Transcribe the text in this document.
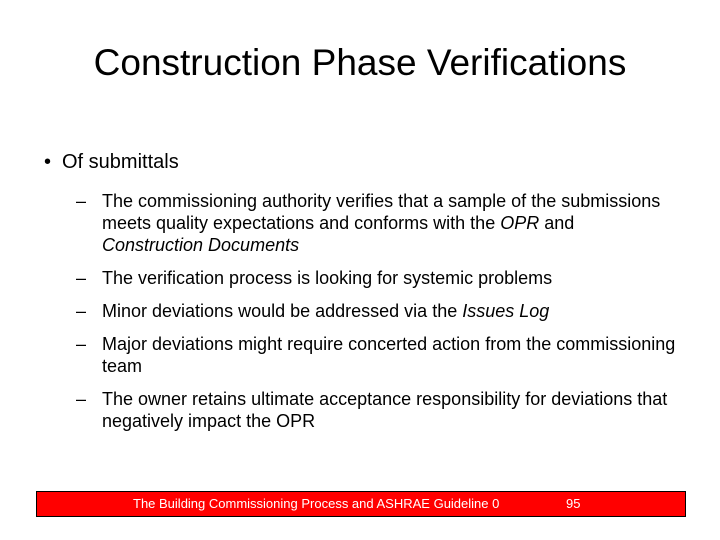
Construction Phase Verifications
• Of submittals
– The commissioning authority verifies that a sample of the submissions meets quality expectations and conforms with the OPR and Construction Documents
– The verification process is looking for systemic problems
– Minor deviations would be addressed via the Issues Log
– Major deviations might require concerted action from the commissioning team
– The owner retains ultimate acceptance responsibility for deviations that negatively impact the OPR
The Building Commissioning Process and ASHRAE Guideline 0	95
